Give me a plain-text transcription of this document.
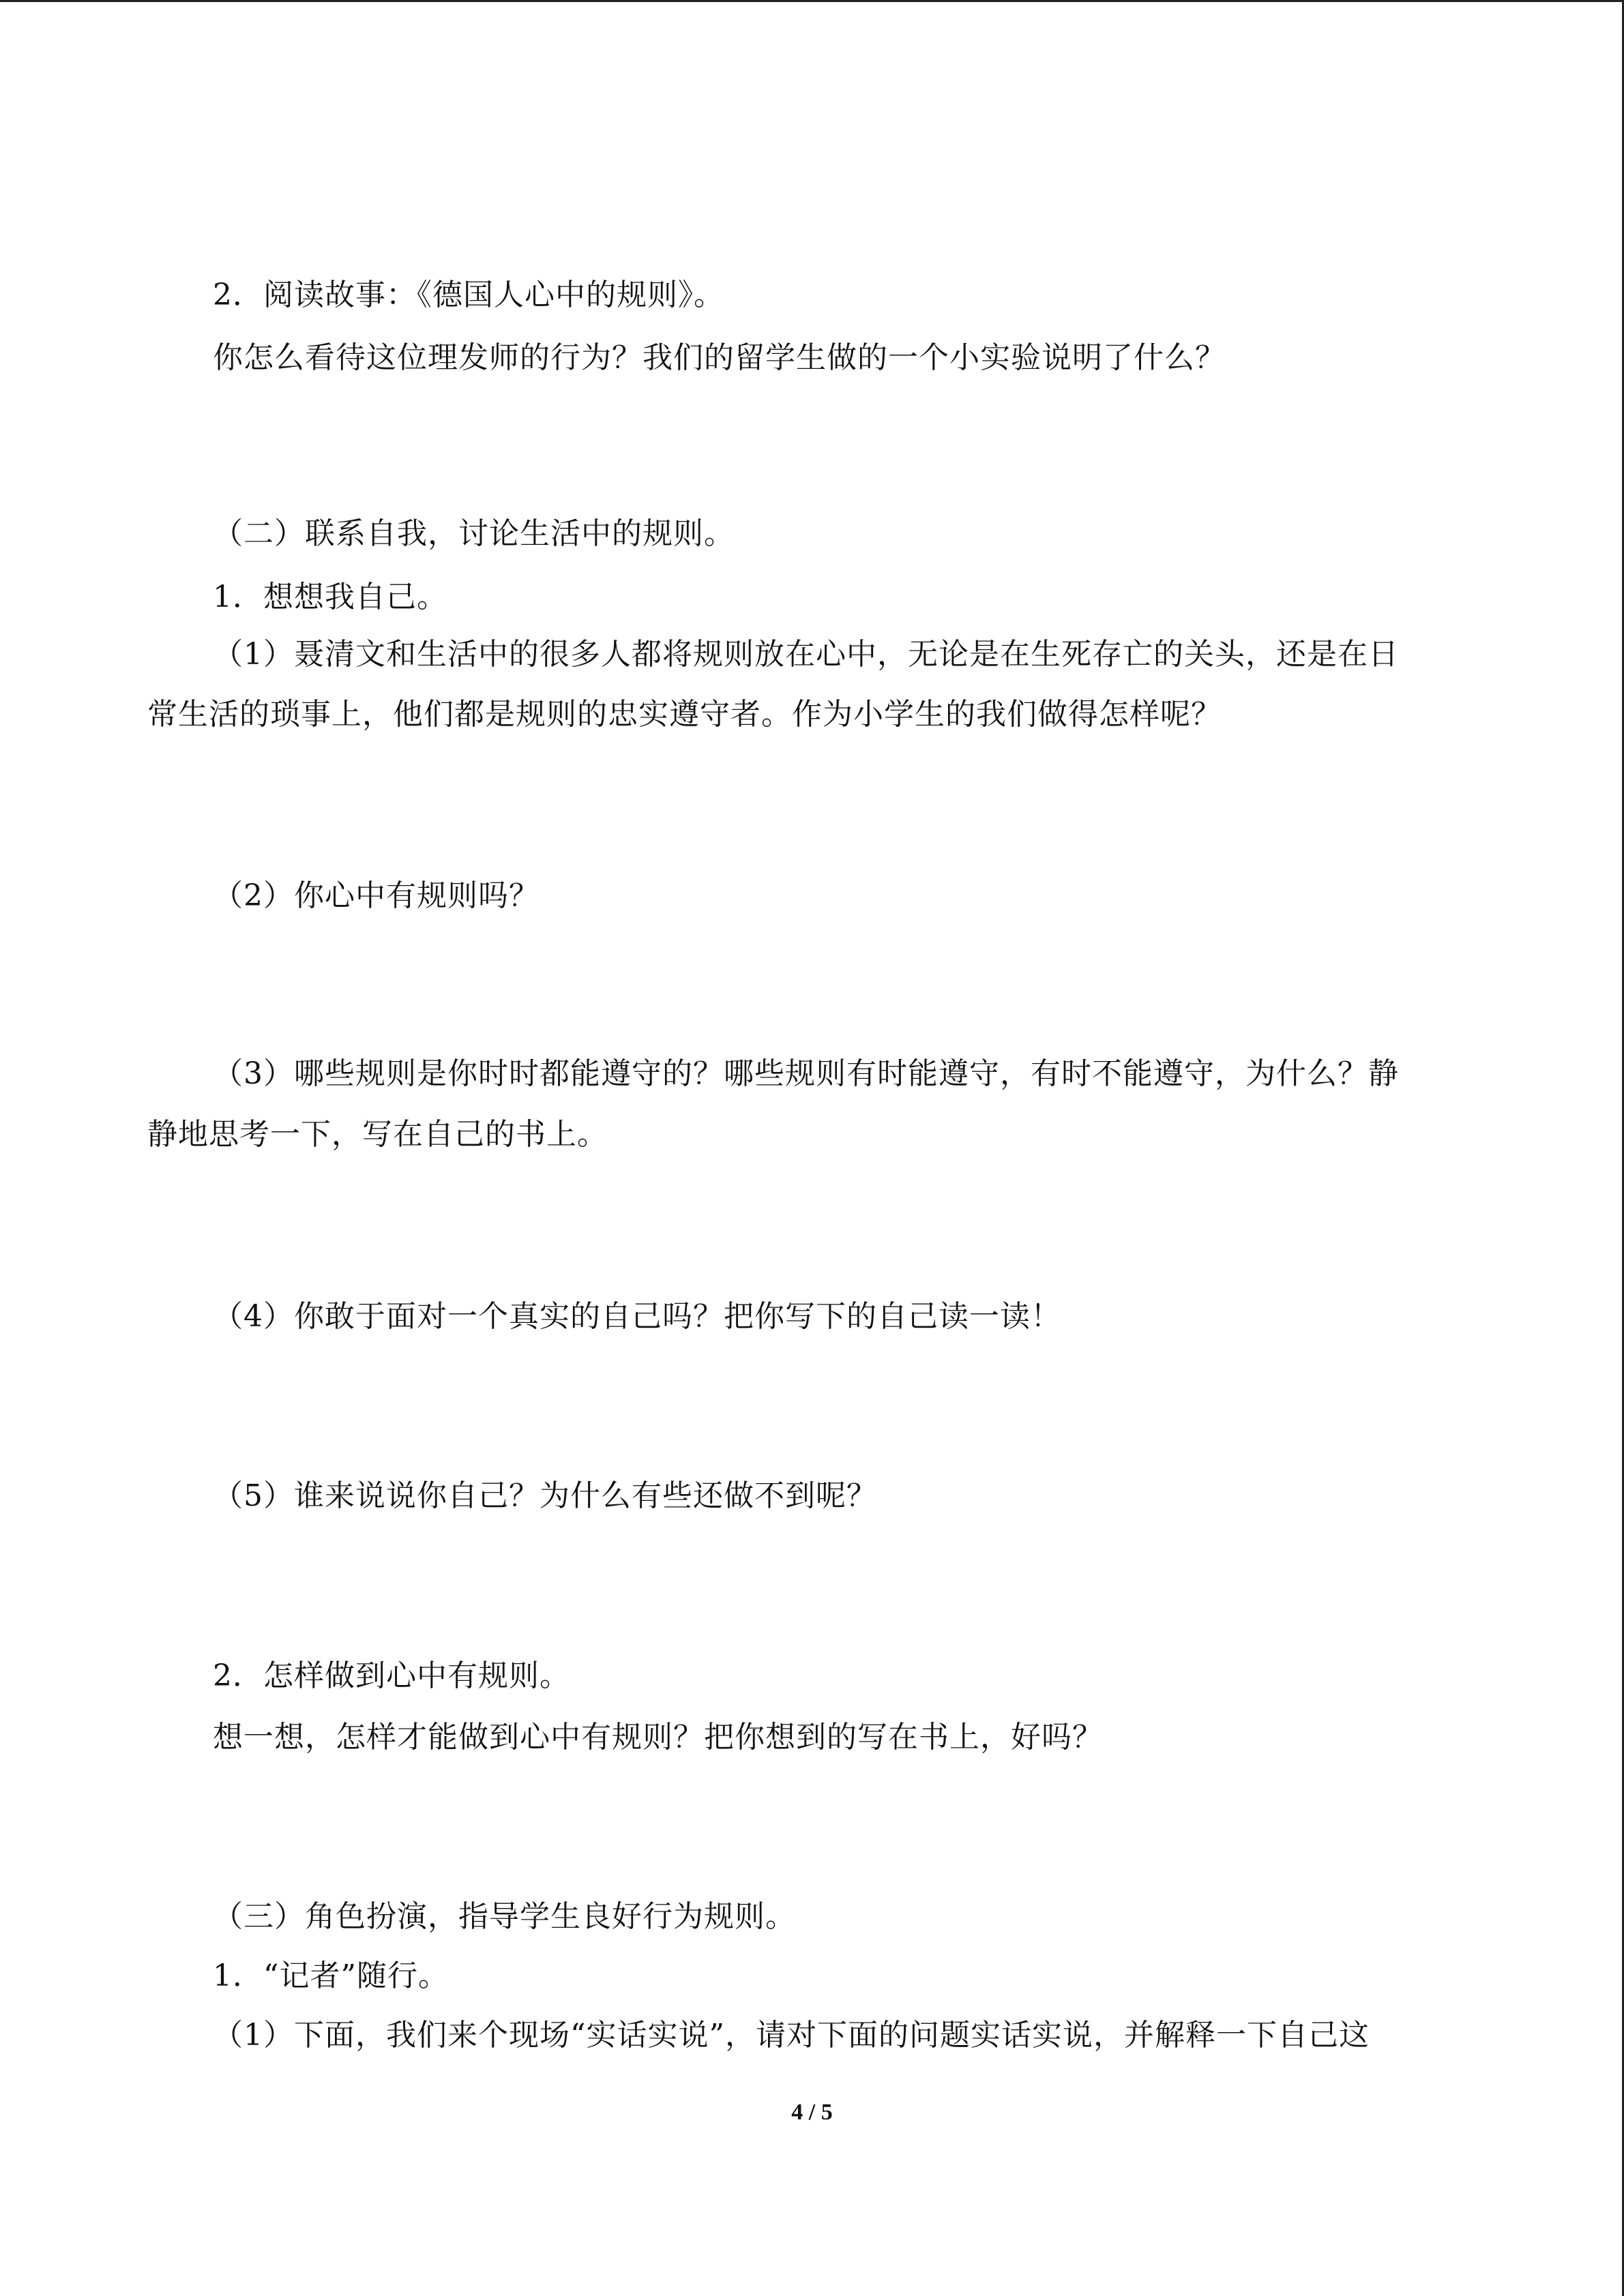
2．阅读故事：《德国人心中的规则》。
你怎么看待这位理发师的行为？我们的留学生做的一个小实验说明了什么？
（二）联系自我，讨论生活中的规则。
1．想想我自己。
（1）聂清文和生活中的很多人都将规则放在心中，无论是在生死存亡的关头，还是在日
常生活的琐事上，他们都是规则的忠实遵守者。作为小学生的我们做得怎样呢？
（2）你心中有规则吗？
（3）哪些规则是你时时都能遵守的？哪些规则有时能遵守，有时不能遵守，为什么？静
静地思考一下，写在自己的书上。
（4）你敢于面对一个真实的自己吗？把你写下的自己读一读！
（5）谁来说说你自己？为什么有些还做不到呢？
2．怎样做到心中有规则。
想一想，怎样才能做到心中有规则？把你想到的写在书上，好吗？
（三）角色扮演，指导学生良好行为规则。
1．“记者”随行。
（1）下面，我们来个现场“实话实说”，请对下面的问题实话实说，并解释一下自己这
4 / 5
